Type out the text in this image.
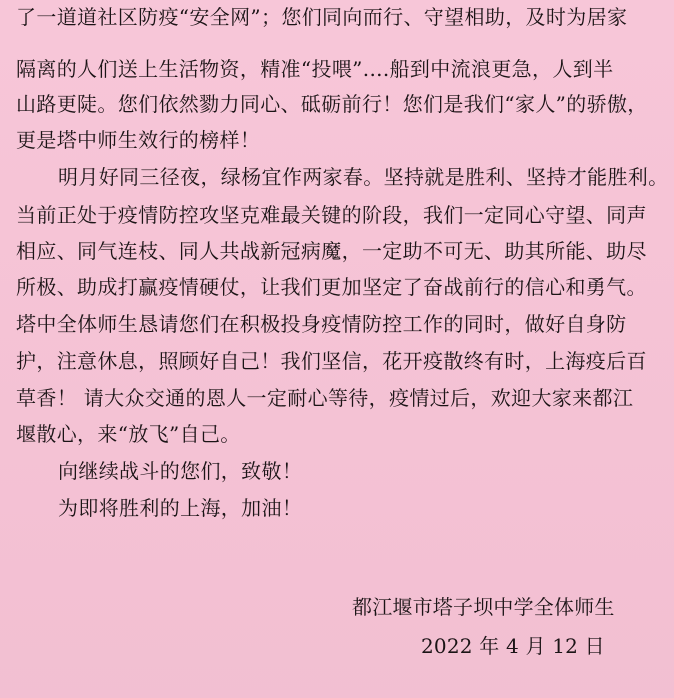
了一道道社区防疫“安全网”；您们同向而行、守望相助，及时为居家
隔离的人们送上生活物资，精准“投喂”....船到中流浪更急，人到半
山路更陡。您们依然勠力同心、砥砺前行！您们是我们“家人”的骄傲，
更是塔中师生效行的榜样！
明月好同三径夜，绿杨宜作两家春。坚持就是胜利、坚持才能胜利。
当前正处于疫情防控攻坚克难最关键的阶段，我们一定同心守望、同声
相应、同气连枝、同人共战新冠病魔，一定助不可无、助其所能、助尽
所极、助成打赢疫情硬仗，让我们更加坚定了奋战前行的信心和勇气。
塔中全体师生恳请您们在积极投身疫情防控工作的同时，做好自身防
护，注意休息，照顾好自己！我们坚信，花开疫散终有时，上海疫后百
草香！ 请大众交通的恩人一定耐心等待，疫情过后，欢迎大家来都江
堰散心，来“放飞”自己。
向继续战斗的您们，致敬！
为即将胜利的上海，加油！
都江堰市塔子坝中学全体师生
2022 年 4 月 12 日
